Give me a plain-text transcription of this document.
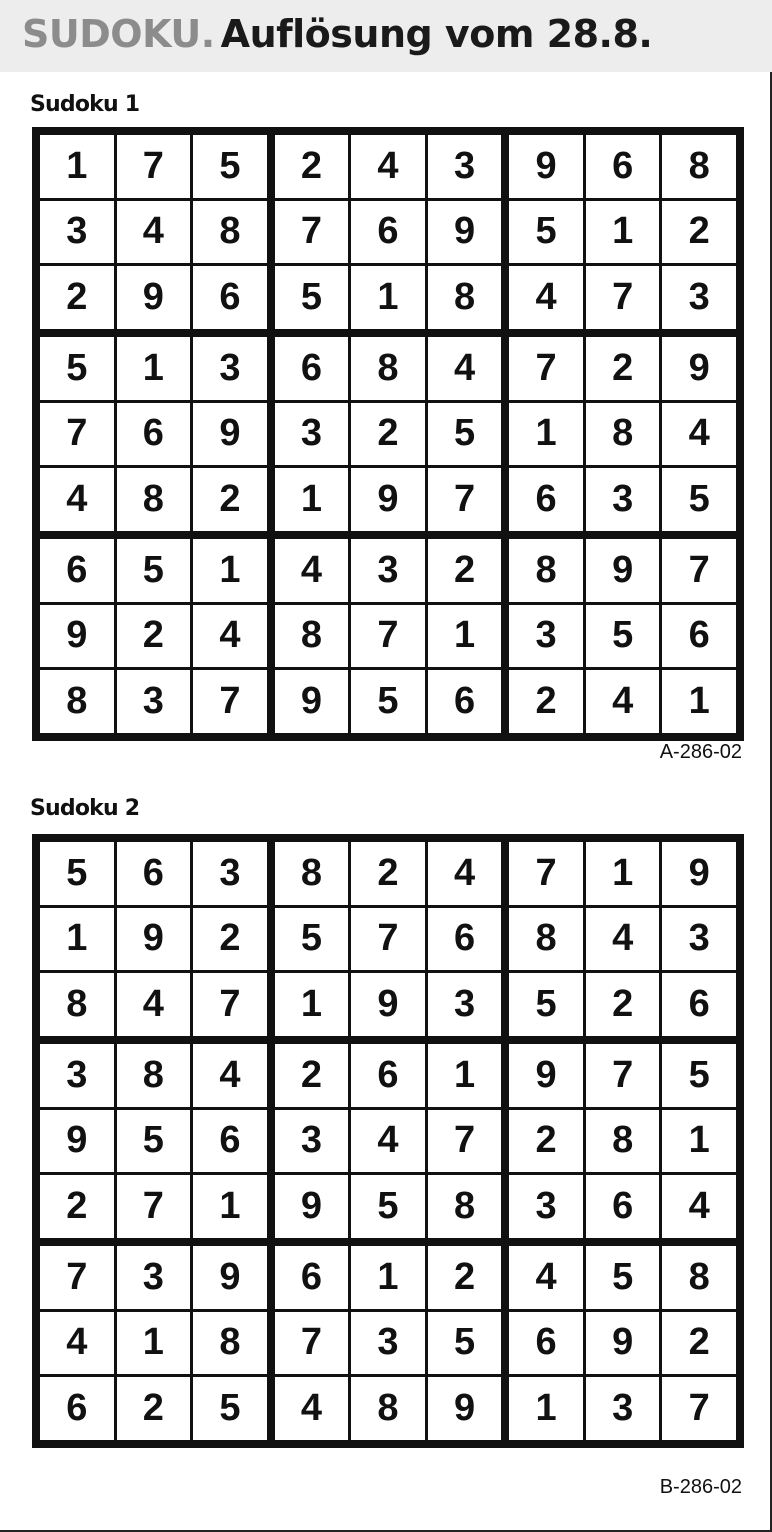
SUDOKU. Auflösung vom 28.8.
Sudoku 1
1	7	5	2	4	3	9	6	8
3	4	8	7	6	9	5	1	2
2	9	6	5	1	8	4	7	3
5	1	3	6	8	4	7	2	9
7	6	9	3	2	5	1	8	4
4	8	2	1	9	7	6	3	5
6	5	1	4	3	2	8	9	7
9	2	4	8	7	1	3	5	6
8	3	7	9	5	6	2	4	1
A-286-02
Sudoku 2
5	6	3	8	2	4	7	1	9
1	9	2	5	7	6	8	4	3
8	4	7	1	9	3	5	2	6
3	8	4	2	6	1	9	7	5
9	5	6	3	4	7	2	8	1
2	7	1	9	5	8	3	6	4
7	3	9	6	1	2	4	5	8
4	1	8	7	3	5	6	9	2
6	2	5	4	8	9	1	3	7
B-286-02
